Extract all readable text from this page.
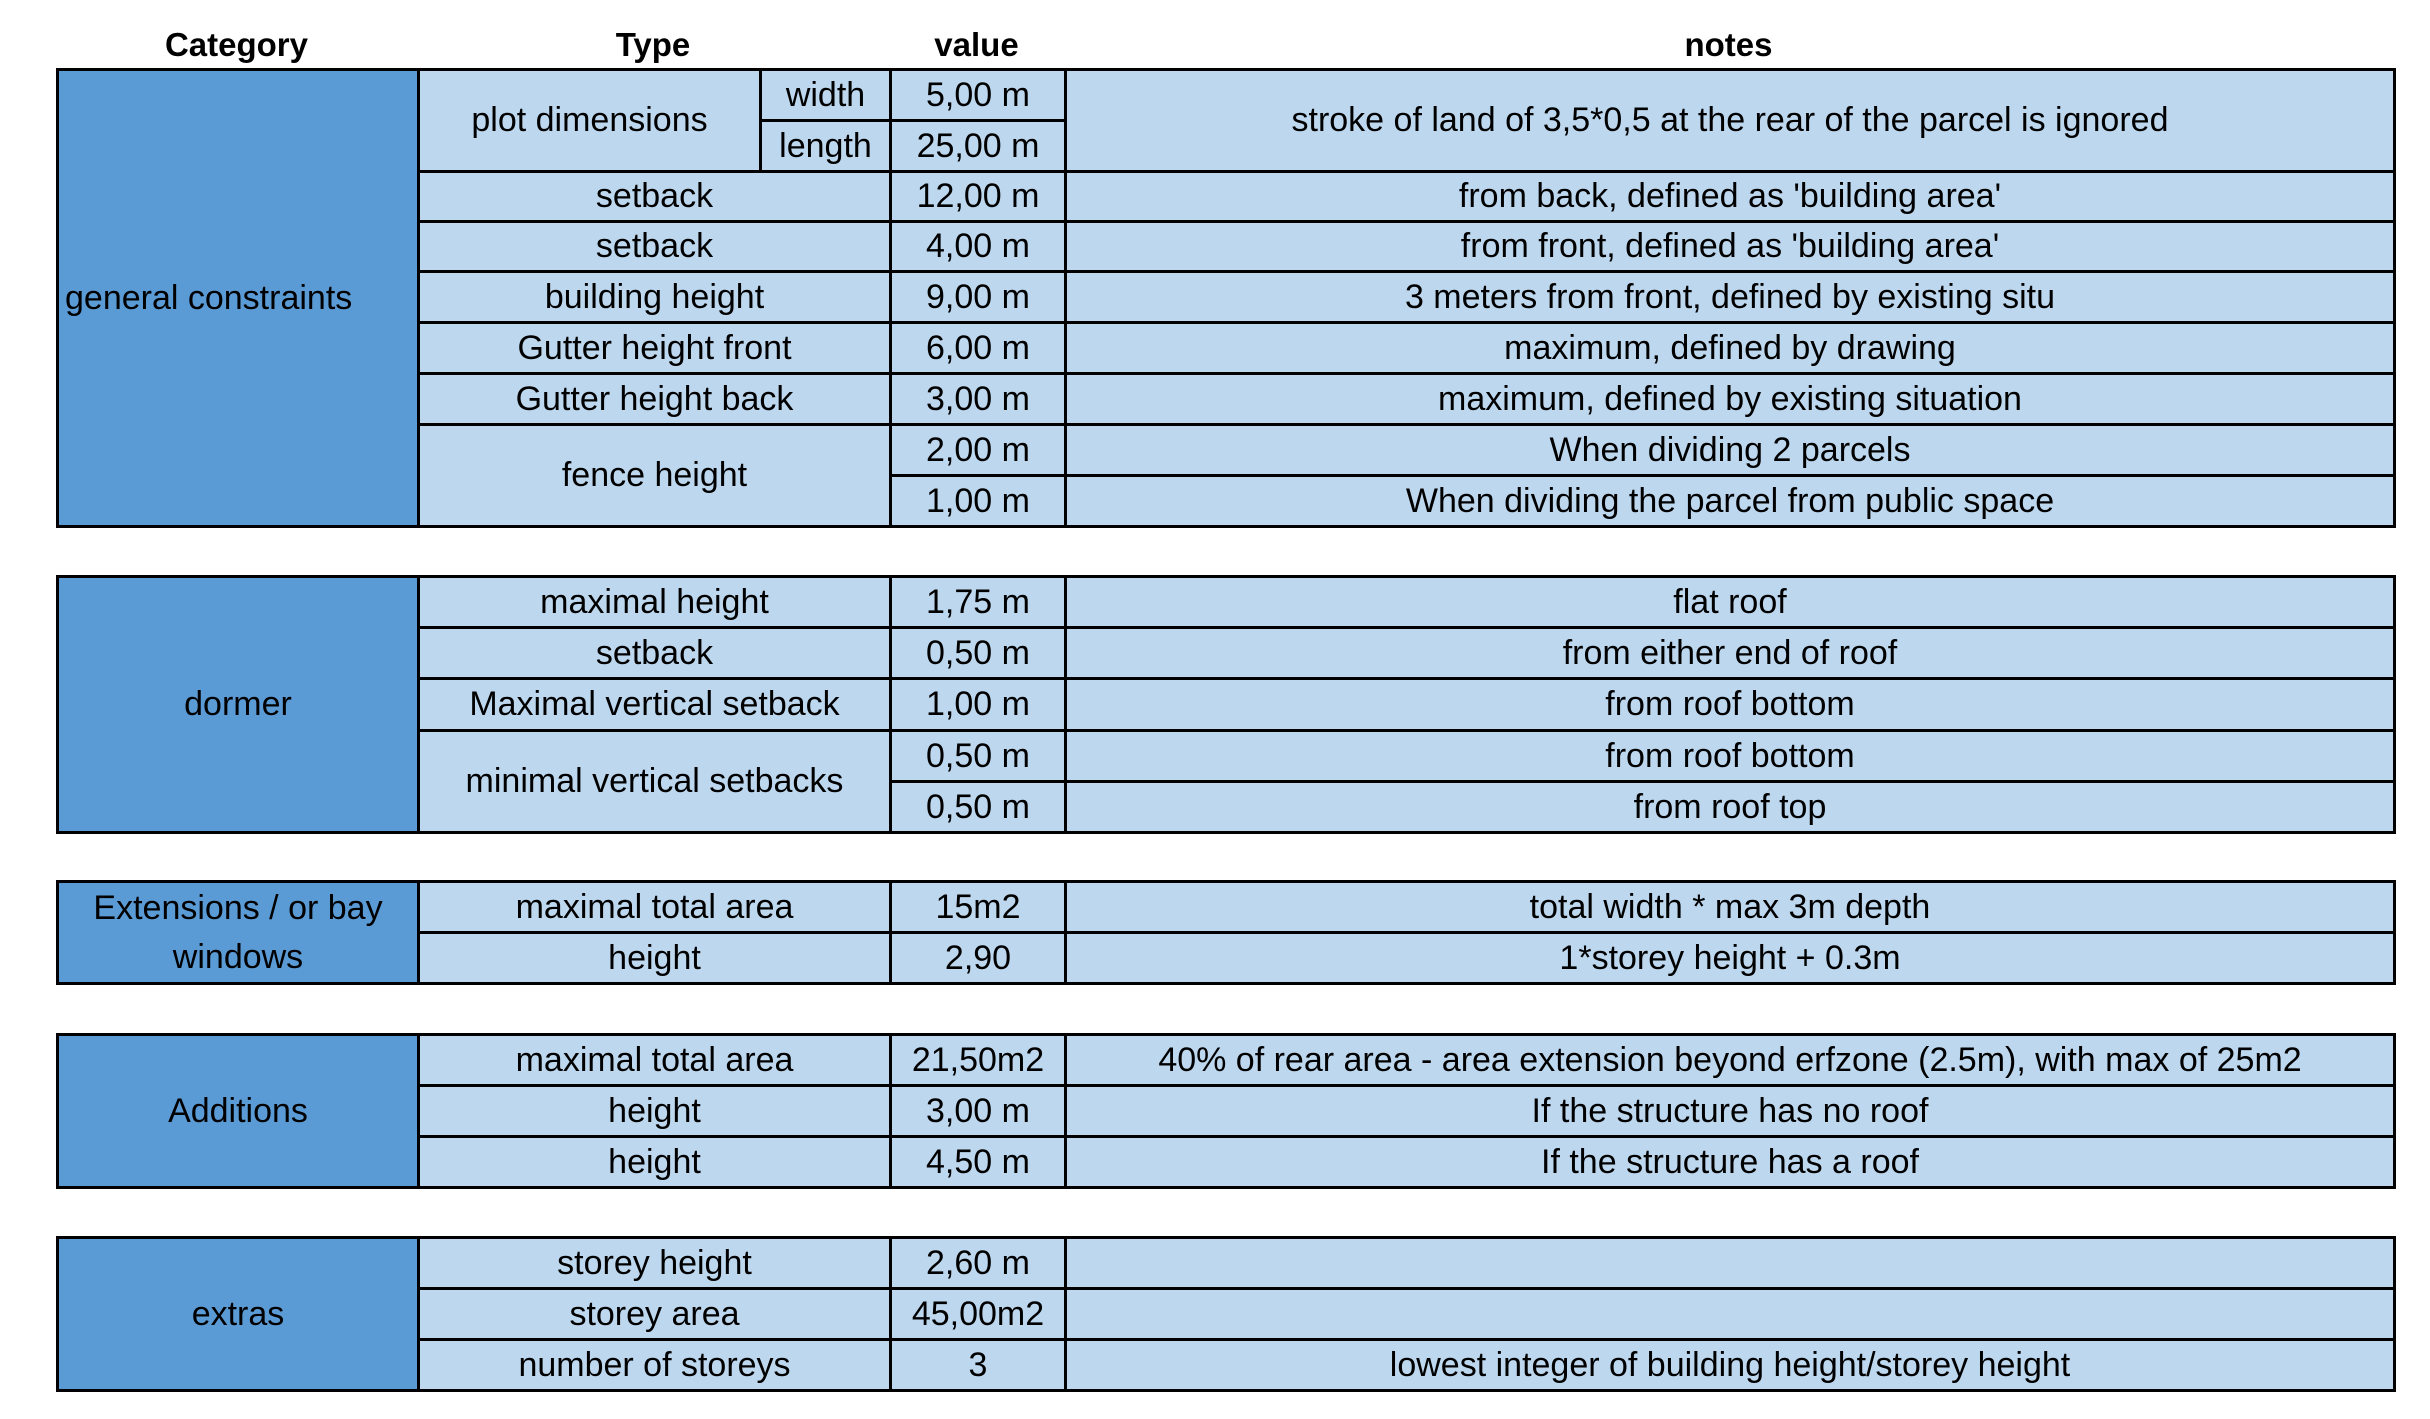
Category	Type	value	notes
general constraints	plot dimensions	width	5,00 m	stroke of land of 3,5*0,5 at the rear of the parcel is ignored
		length	25,00 m	
	setback		12,00 m	from back, defined as 'building area'
	setback		4,00 m	from front, defined as 'building area'
	building height		9,00 m	3 meters from front, defined by existing situ
	Gutter height front		6,00 m	maximum, defined by drawing
	Gutter height back		3,00 m	maximum, defined by existing situation
	fence height		2,00 m	When dividing 2 parcels
			1,00 m	When dividing the parcel from public space
dormer	maximal height	1,75 m	flat roof
	setback	0,50 m	from either end of roof
	Maximal vertical setback	1,00 m	from roof bottom
	minimal vertical setbacks	0,50 m	from roof bottom
		0,50 m	from roof top
Extensions / or bay windows	maximal total area	15m2	total width * max 3m depth
	height	2,90	1*storey height + 0.3m
Additions	maximal total area	21,50m2	40% of rear area - area extension beyond erfzone (2.5m), with max of 25m2
	height	3,00 m	If the structure has no roof
	height	4,50 m	If the structure has a roof
extras	storey height	2,60 m	
	storey area	45,00m2	
	number of storeys	3	lowest integer of building height/storey height
